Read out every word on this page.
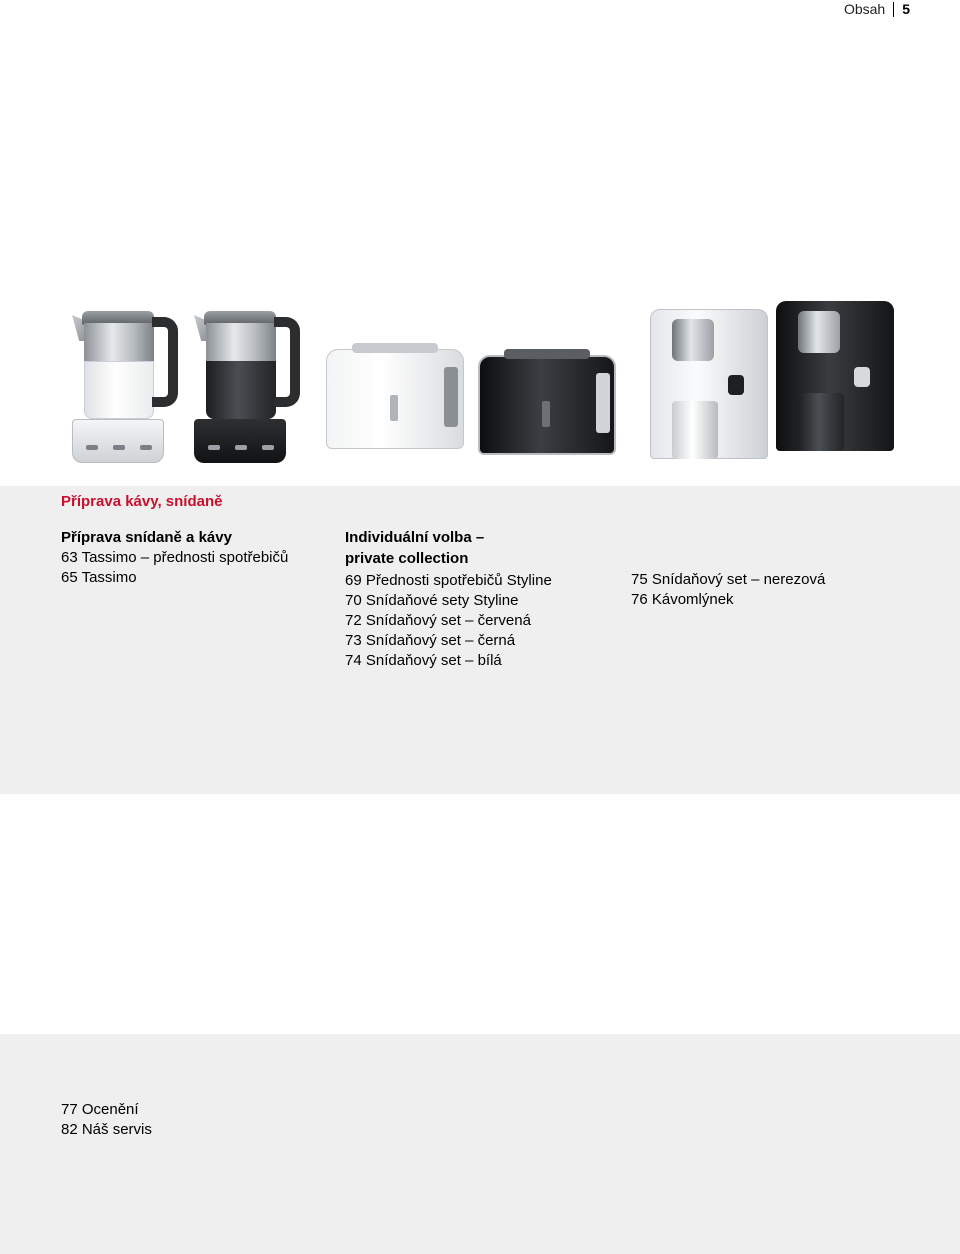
Obsah	5
Příprava kávy, snídaně
Příprava snídaně a kávy
63 Tassimo – přednosti spotřebičů
65 Tassimo
Individuální volba –
private collection
69 Přednosti spotřebičů Styline
70 Snídaňové sety Styline
72 Snídaňový set – červená
73 Snídaňový set – černá
74 Snídaňový set – bílá
75 Snídaňový set – nerezová
76 Kávomlýnek
77 Ocenění
82 Náš servis
